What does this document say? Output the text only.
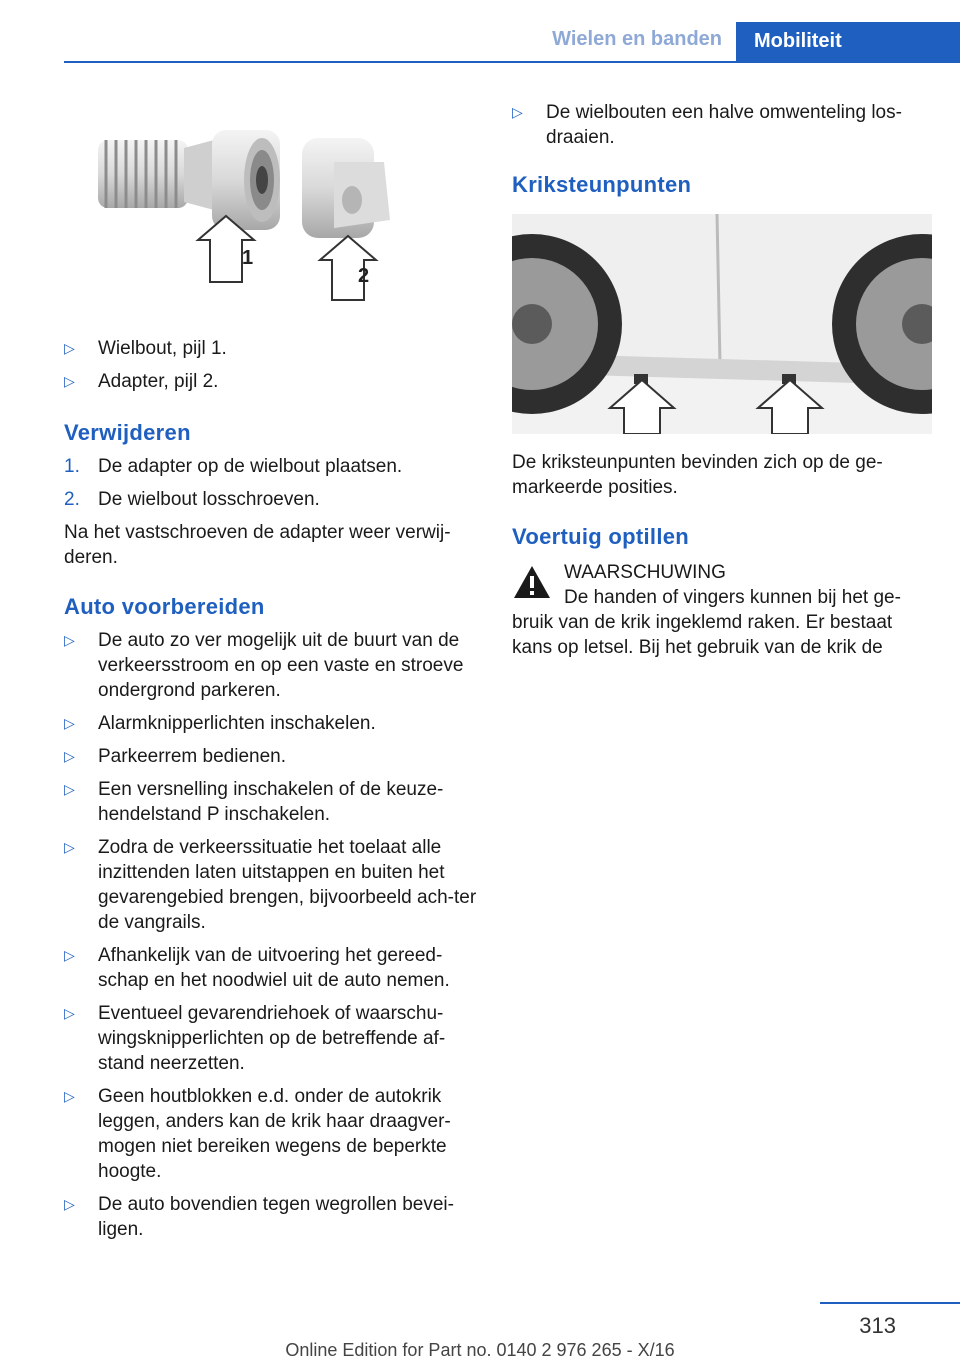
Wielen en banden	Mobiliteit
1
2
▷ Wielbout, pijl 1.
▷ Adapter, pijl 2.
Verwijderen
1. De adapter op de wielbout plaatsen.
2. De wielbout losschroeven.

Na het vastschroeven de adapter weer verwij-
deren.

Auto voorbereiden
▷ De auto zo ver mogelijk uit de buurt van de verkeersstroom en op een vaste en stroeve ondergrond parkeren.
▷ Alarmknipperlichten inschakelen.
▷ Parkeerrem bedienen.
▷ Een versnelling inschakelen of de keuze-hendelstand P inschakelen.
▷ Zodra de verkeerssituatie het toelaat alle inzittenden laten uitstappen en buiten het gevarengebied brengen, bijvoorbeeld ach-ter de vangrails.
▷ Afhankelijk van de uitvoering het gereed-schap en het noodwiel uit de auto nemen.
▷ Eventueel gevarendriehoek of waarschu-wingsknipperlichten op de betreffende af-stand neerzetten.
▷ Geen houtblokken e.d. onder de autokrik leggen, anders kan de krik haar draagver-mogen niet bereiken wegens de beperkte hoogte.
▷ De auto bovendien tegen wegrollen bevei-ligen.
▷ De wielbouten een halve omwenteling los-draaien.
Kriksteunpunten

De kriksteunpunten bevinden zich op de ge-markeerde posities.

Voertuig optillen
WAARSCHUWING
De handen of vingers kunnen bij het ge-bruik van de krik ingeklemd raken. Er bestaat kans op letsel. Bij het gebruik van de krik de
313
Online Edition for Part no. 0140 2 976 265 - X/16
